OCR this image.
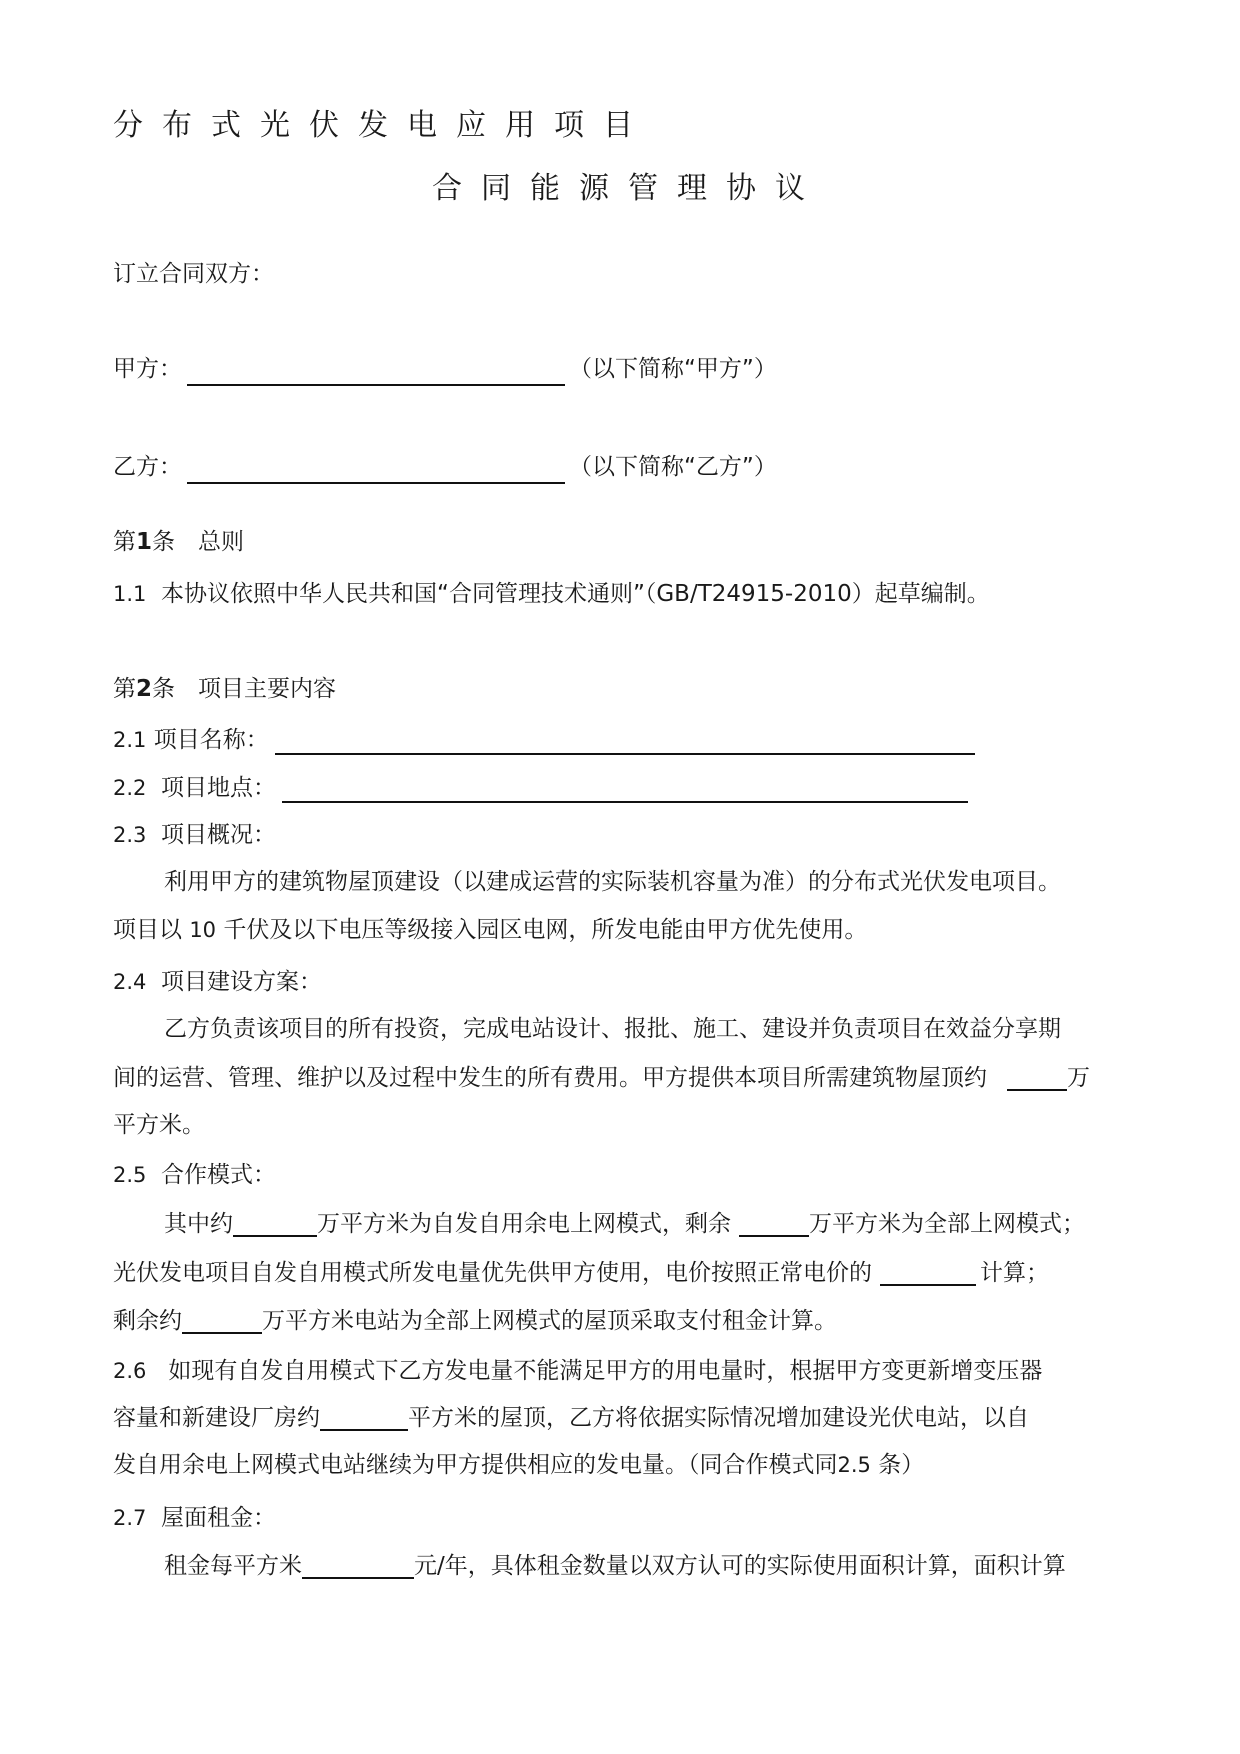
分布式光伏发电应用项目
合同能源管理协议
订立合同双方：
甲方：	（以下简称“甲方”）
乙方：	（以下简称“乙方”）
第1条　总则
1.1 本协议依照中华人民共和国“合同管理技术通则”（GB/T24915-2010）起草编制。
第2条　项目主要内容
2.1 项目名称：
2.2 项目地点：
2.3 项目概况：
利用甲方的建筑物屋顶建设（以建成运营的实际装机容量为准）的分布式光伏发电项目。
项目以 10 千伏及以下电压等级接入园区电网，所发电能由甲方优先使用。
2.4 项目建设方案：
乙方负责该项目的所有投资，完成电站设计、报批、施工、建设并负责项目在效益分享期
间的运营、管理、维护以及过程中发生的所有费用。甲方提供本项目所需建筑物屋顶约	万
平方米。
2.5 合作模式：
其中约	万平方米为自发自用余电上网模式，剩余	万平方米为全部上网模式；
光伏发电项目自发自用模式所发电量优先供甲方使用，电价按照正常电价的	计算；
剩余约	万平方米电站为全部上网模式的屋顶采取支付租金计算。
2.6 如现有自发自用模式下乙方发电量不能满足甲方的用电量时，根据甲方变更新增变压器
容量和新建设厂房约	平方米的屋顶，乙方将依据实际情况增加建设光伏电站，以自
发自用余电上网模式电站继续为甲方提供相应的发电量。（同合作模式同2.5 条）
2.7 屋面租金：
租金每平方米	元/年，具体租金数量以双方认可的实际使用面积计算，面积计算
